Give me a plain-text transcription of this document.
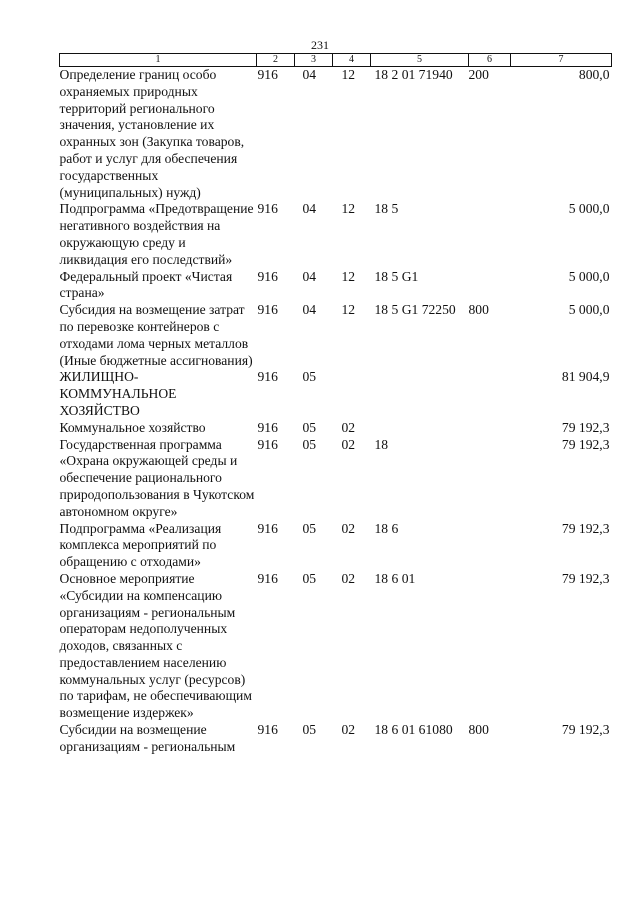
231
1	2	3	4	5	6	7
Определение границ особо охраняемых природных территорий регионального значения, установление их охранных зон (Закупка товаров, работ и услуг для обеспечения государственных (муниципальных) нужд)	916	04	12	18 2 01 71940	200	800,0
Подпрограмма «Предотвращение негативного воздействия на окружающую среду и ликвидация его последствий»	916	04	12	18 5		5 000,0
Федеральный проект «Чистая страна»	916	04	12	18 5 G1		5 000,0
Субсидия на возмещение затрат по перевозке контейнеров с отходами лома черных металлов (Иные бюджетные ассигнования)	916	04	12	18 5 G1 72250	800	5 000,0
ЖИЛИЩНО-КОММУНАЛЬНОЕ ХОЗЯЙСТВО	916	05				81 904,9
Коммунальное хозяйство	916	05	02			79 192,3
Государственная программа «Охрана окружающей среды и обеспечение рационального природопользования в Чукотском автономном округе»	916	05	02	18		79 192,3
Подпрограмма «Реализация комплекса мероприятий по обращению с отходами»	916	05	02	18 6		79 192,3
Основное мероприятие «Субсидии на компенсацию организациям - региональным операторам недополученных доходов, связанных с предоставлением населению коммунальных услуг (ресурсов) по тарифам, не обеспечивающим возмещение издержек»	916	05	02	18 6 01		79 192,3
Субсидии на возмещение организациям - региональным	916	05	02	18 6 01 61080	800	79 192,3
